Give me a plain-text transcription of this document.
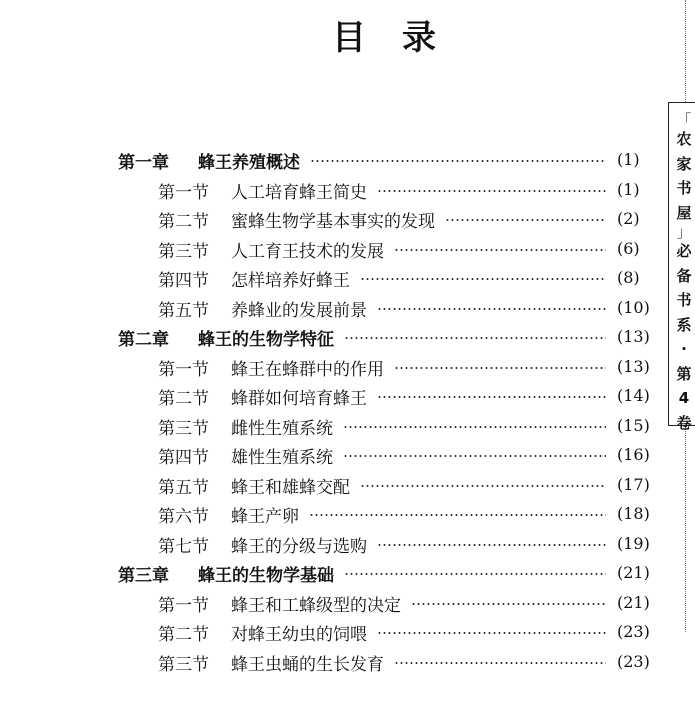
目 录
第一章	蜂王养殖概述	(1)
第一节	人工培育蜂王简史	(1)
第二节	蜜蜂生物学基本事实的发现	(2)
第三节	人工育王技术的发展	(6)
第四节	怎样培养好蜂王	(8)
第五节	养蜂业的发展前景	(10)
第二章	蜂王的生物学特征	(13)
第一节	蜂王在蜂群中的作用	(13)
第二节	蜂群如何培育蜂王	(14)
第三节	雌性生殖系统	(15)
第四节	雄性生殖系统	(16)
第五节	蜂王和雄蜂交配	(17)
第六节	蜂王产卵	(18)
第七节	蜂王的分级与选购	(19)
第三章	蜂王的生物学基础	(21)
第一节	蜂王和工蜂级型的决定	(21)
第二节	对蜂王幼虫的饲喂	(23)
第三节	蜂王虫蛹的生长发育	(23)
「
农
家
书
屋
」
必
备
书
系
·
第
4
卷
